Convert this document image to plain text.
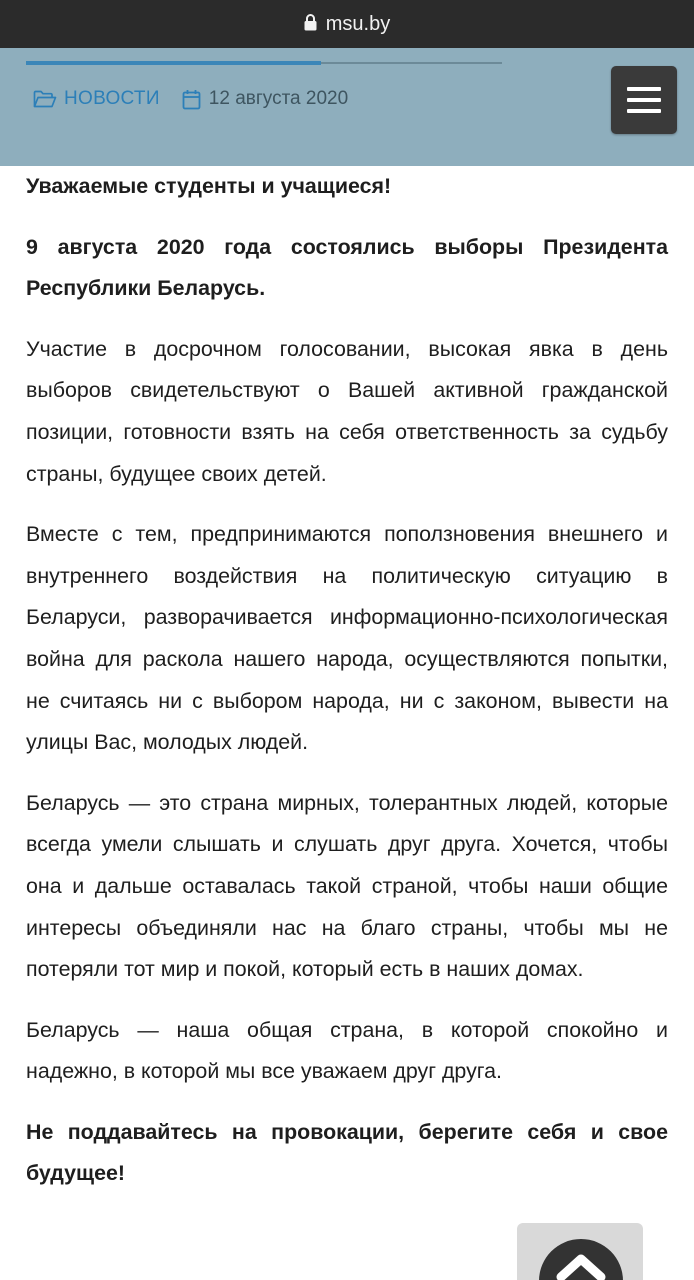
msu.by
НОВОСТИ	12 августа 2020

Уважаемые студенты и учащиеся!

9 августа 2020 года состоялись выборы Президента Республики Беларусь.

Участие в досрочном голосовании, высокая явка в день выборов свидетельствуют о Вашей активной гражданской позиции, готовности взять на себя ответственность за судьбу страны, будущее своих детей.

Вместе с тем, предпринимаются поползновения внешнего и внутреннего воздействия на политическую ситуацию в Беларуси, разворачивается информационно-психологическая война для раскола нашего народа, осуществляются попытки, не считаясь ни с выбором народа, ни с законом, вывести на улицы Вас, молодых людей.

Беларусь — это страна мирных, толерантных людей, которые всегда умели слышать и слушать друг друга. Хочется, чтобы она и дальше оставалась такой страной, чтобы наши общие интересы объединяли нас на благо страны, чтобы мы не потеряли тот мир и покой, который есть в наших домах.

Беларусь — наша общая страна, в которой спокойно и надежно, в которой мы все уважаем друг друга.

Не поддавайтесь на провокации, берегите себя и свое будущее!
